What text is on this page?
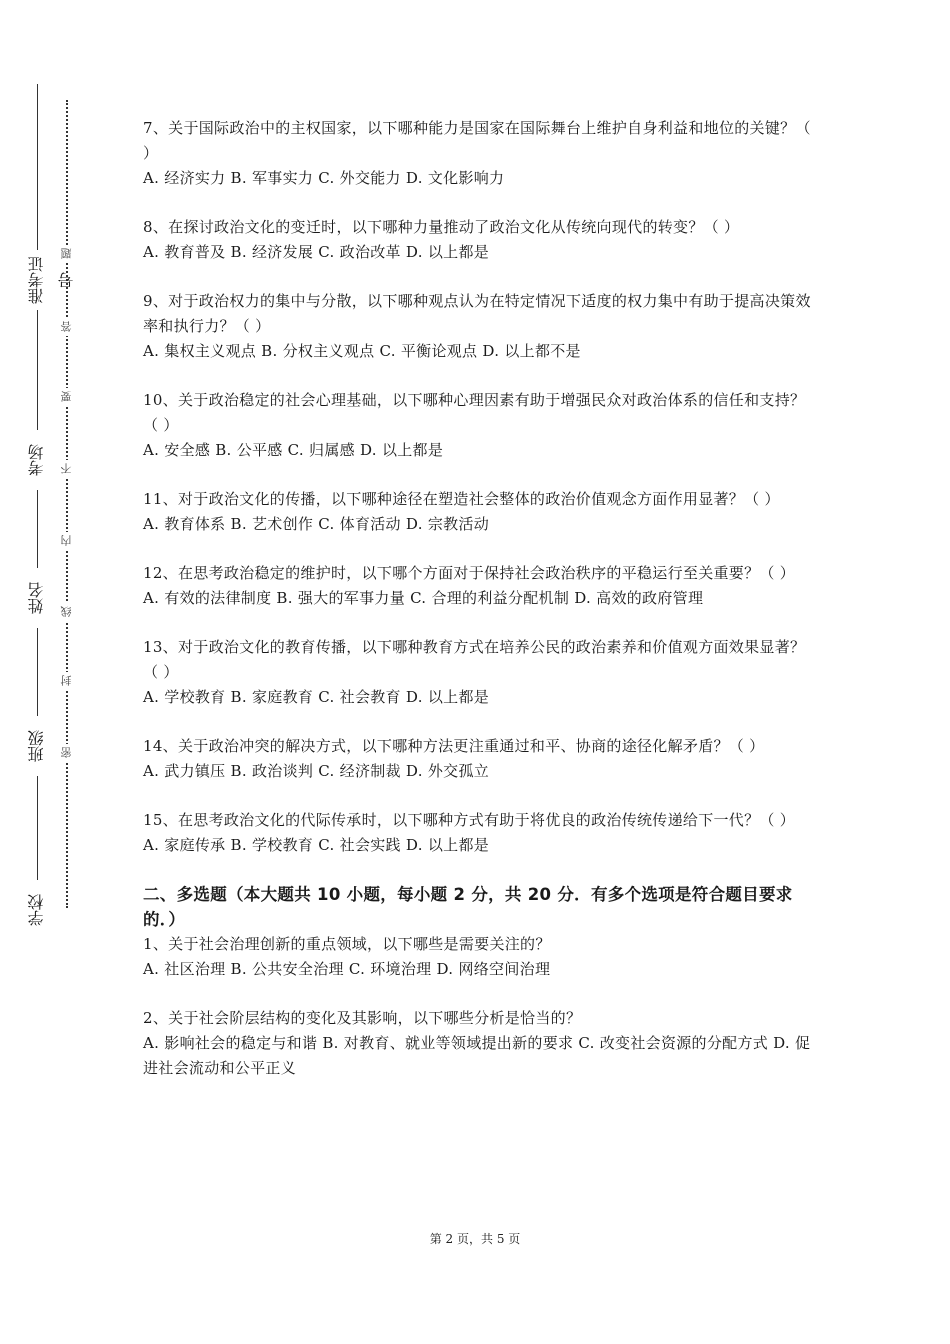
准考证号
考场
姓名
班级
学校
题
答
要
不
内
线
封
密
7、关于国际政治中的主权国家，以下哪种能力是国家在国际舞台上维护自身利益和地位的关键？（ ）
A. 经济实力 B. 军事实力 C. 外交能力 D. 文化影响力
8、在探讨政治文化的变迁时，以下哪种力量推动了政治文化从传统向现代的转变？（ ）
A. 教育普及 B. 经济发展 C. 政治改革 D. 以上都是
9、对于政治权力的集中与分散，以下哪种观点认为在特定情况下适度的权力集中有助于提高决策效率和执行力？（ ）
A. 集权主义观点 B. 分权主义观点 C. 平衡论观点 D. 以上都不是
10、关于政治稳定的社会心理基础，以下哪种心理因素有助于增强民众对政治体系的信任和支持？（ ）
A. 安全感 B. 公平感 C. 归属感 D. 以上都是
11、对于政治文化的传播，以下哪种途径在塑造社会整体的政治价值观念方面作用显著？（ ）
A. 教育体系 B. 艺术创作 C. 体育活动 D. 宗教活动
12、在思考政治稳定的维护时，以下哪个方面对于保持社会政治秩序的平稳运行至关重要？（ ）
A. 有效的法律制度 B. 强大的军事力量 C. 合理的利益分配机制 D. 高效的政府管理
13、对于政治文化的教育传播，以下哪种教育方式在培养公民的政治素养和价值观方面效果显著？（ ）
A. 学校教育 B. 家庭教育 C. 社会教育 D. 以上都是
14、关于政治冲突的解决方式，以下哪种方法更注重通过和平、协商的途径化解矛盾？（ ）
A. 武力镇压 B. 政治谈判 C. 经济制裁 D. 外交孤立
15、在思考政治文化的代际传承时，以下哪种方式有助于将优良的政治传统传递给下一代？（ ）
A. 家庭传承 B. 学校教育 C. 社会实践 D. 以上都是
二、多选题（本大题共 10 小题，每小题 2 分，共 20 分．有多个选项是符合题目要求的．）
1、关于社会治理创新的重点领域，以下哪些是需要关注的？
A. 社区治理 B. 公共安全治理 C. 环境治理 D. 网络空间治理
2、关于社会阶层结构的变化及其影响，以下哪些分析是恰当的？
A. 影响社会的稳定与和谐 B. 对教育、就业等领域提出新的要求 C. 改变社会资源的分配方式 D. 促进社会流动和公平正义
第 2 页，共 5 页
